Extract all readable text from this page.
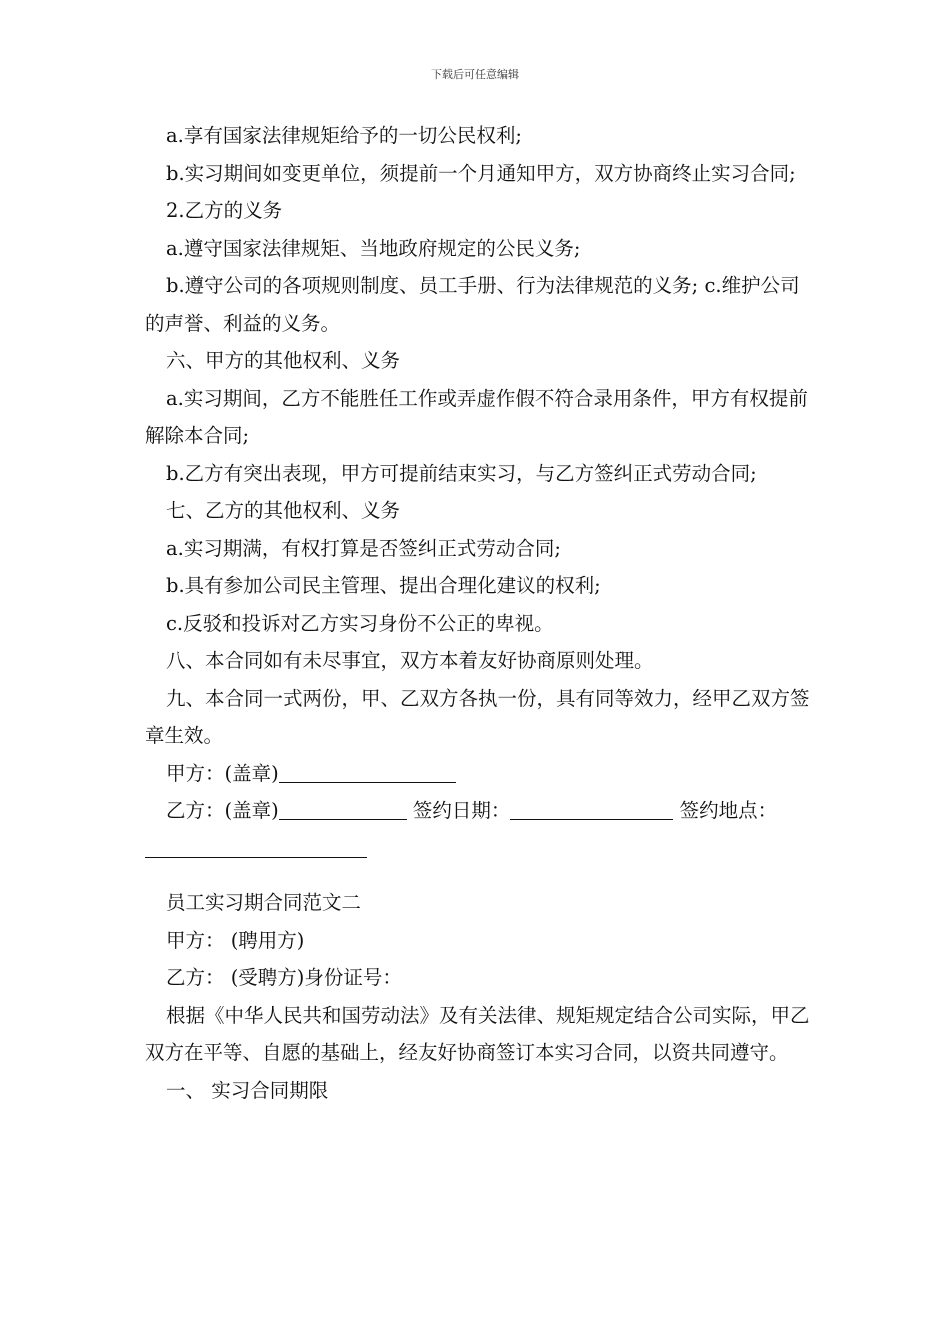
下载后可任意编辑

a.享有国家法律规矩给予的一切公民权利;

b.实习期间如变更单位，须提前一个月通知甲方，双方协商终止实习合同;

2.乙方的义务

a.遵守国家法律规矩、当地政府规定的公民义务;

b.遵守公司的各项规则制度、员工手册、行为法律规范的义务; c.维护公司的声誉、利益的义务。

六、甲方的其他权利、义务

a.实习期间，乙方不能胜任工作或弄虚作假不符合录用条件，甲方有权提前解除本合同;

b.乙方有突出表现，甲方可提前结束实习，与乙方签纠正式劳动合同;

七、乙方的其他权利、义务

a.实习期满，有权打算是否签纠正式劳动合同;

b.具有参加公司民主管理、提出合理化建议的权利;

c.反驳和投诉对乙方实习身份不公正的卑视。

八、本合同如有未尽事宜，双方本着友好协商原则处理。

九、本合同一式两份，甲、乙双方各执一份，具有同等效力，经甲乙双方签章生效。

甲方：(盖章)

乙方：(盖章)	签约日期：	签约地点：

员工实习期合同范文二

甲方： (聘用方)

乙方： (受聘方)身份证号：

根据《中华人民共和国劳动法》及有关法律、规矩规定结合公司实际，甲乙双方在平等、自愿的基础上，经友好协商签订本实习合同，以资共同遵守。

一、 实习合同期限
